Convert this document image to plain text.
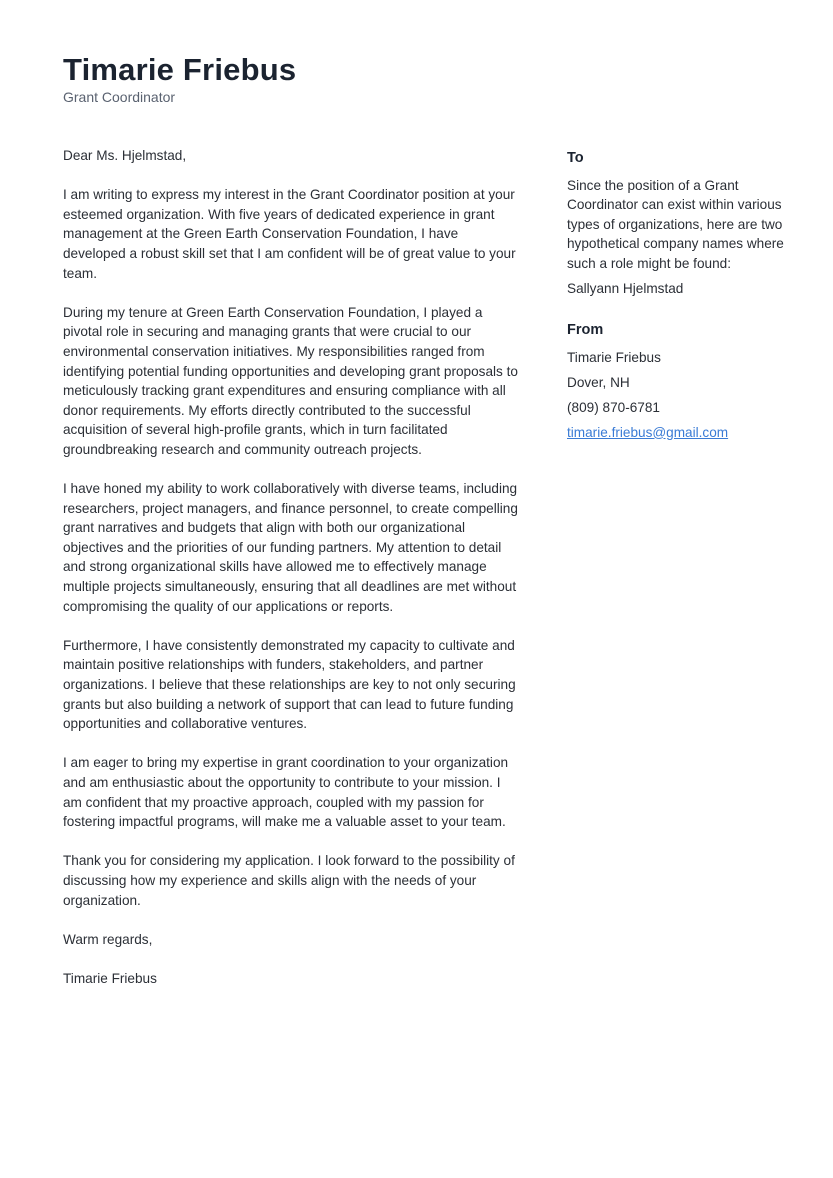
Timarie Friebus
Grant Coordinator

Dear Ms. Hjelmstad,

I am writing to express my interest in the Grant Coordinator position at your esteemed organization. With five years of dedicated experience in grant management at the Green Earth Conservation Foundation, I have developed a robust skill set that I am confident will be of great value to your team.

During my tenure at Green Earth Conservation Foundation, I played a pivotal role in securing and managing grants that were crucial to our environmental conservation initiatives. My responsibilities ranged from identifying potential funding opportunities and developing grant proposals to meticulously tracking grant expenditures and ensuring compliance with all donor requirements. My efforts directly contributed to the successful acquisition of several high-profile grants, which in turn facilitated groundbreaking research and community outreach projects.

I have honed my ability to work collaboratively with diverse teams, including researchers, project managers, and finance personnel, to create compelling grant narratives and budgets that align with both our organizational objectives and the priorities of our funding partners. My attention to detail and strong organizational skills have allowed me to effectively manage multiple projects simultaneously, ensuring that all deadlines are met without compromising the quality of our applications or reports.

Furthermore, I have consistently demonstrated my capacity to cultivate and maintain positive relationships with funders, stakeholders, and partner organizations. I believe that these relationships are key to not only securing grants but also building a network of support that can lead to future funding opportunities and collaborative ventures.

I am eager to bring my expertise in grant coordination to your organization and am enthusiastic about the opportunity to contribute to your mission. I am confident that my proactive approach, coupled with my passion for fostering impactful programs, will make me a valuable asset to your team.

Thank you for considering my application. I look forward to the possibility of discussing how my experience and skills align with the needs of your organization.

Warm regards,

Timarie Friebus

To
Since the position of a Grant Coordinator can exist within various types of organizations, here are two hypothetical company names where such a role might be found:
Sallyann Hjelmstad
From
Timarie Friebus
Dover, NH
(809) 870-6781
timarie.friebus@gmail.com
